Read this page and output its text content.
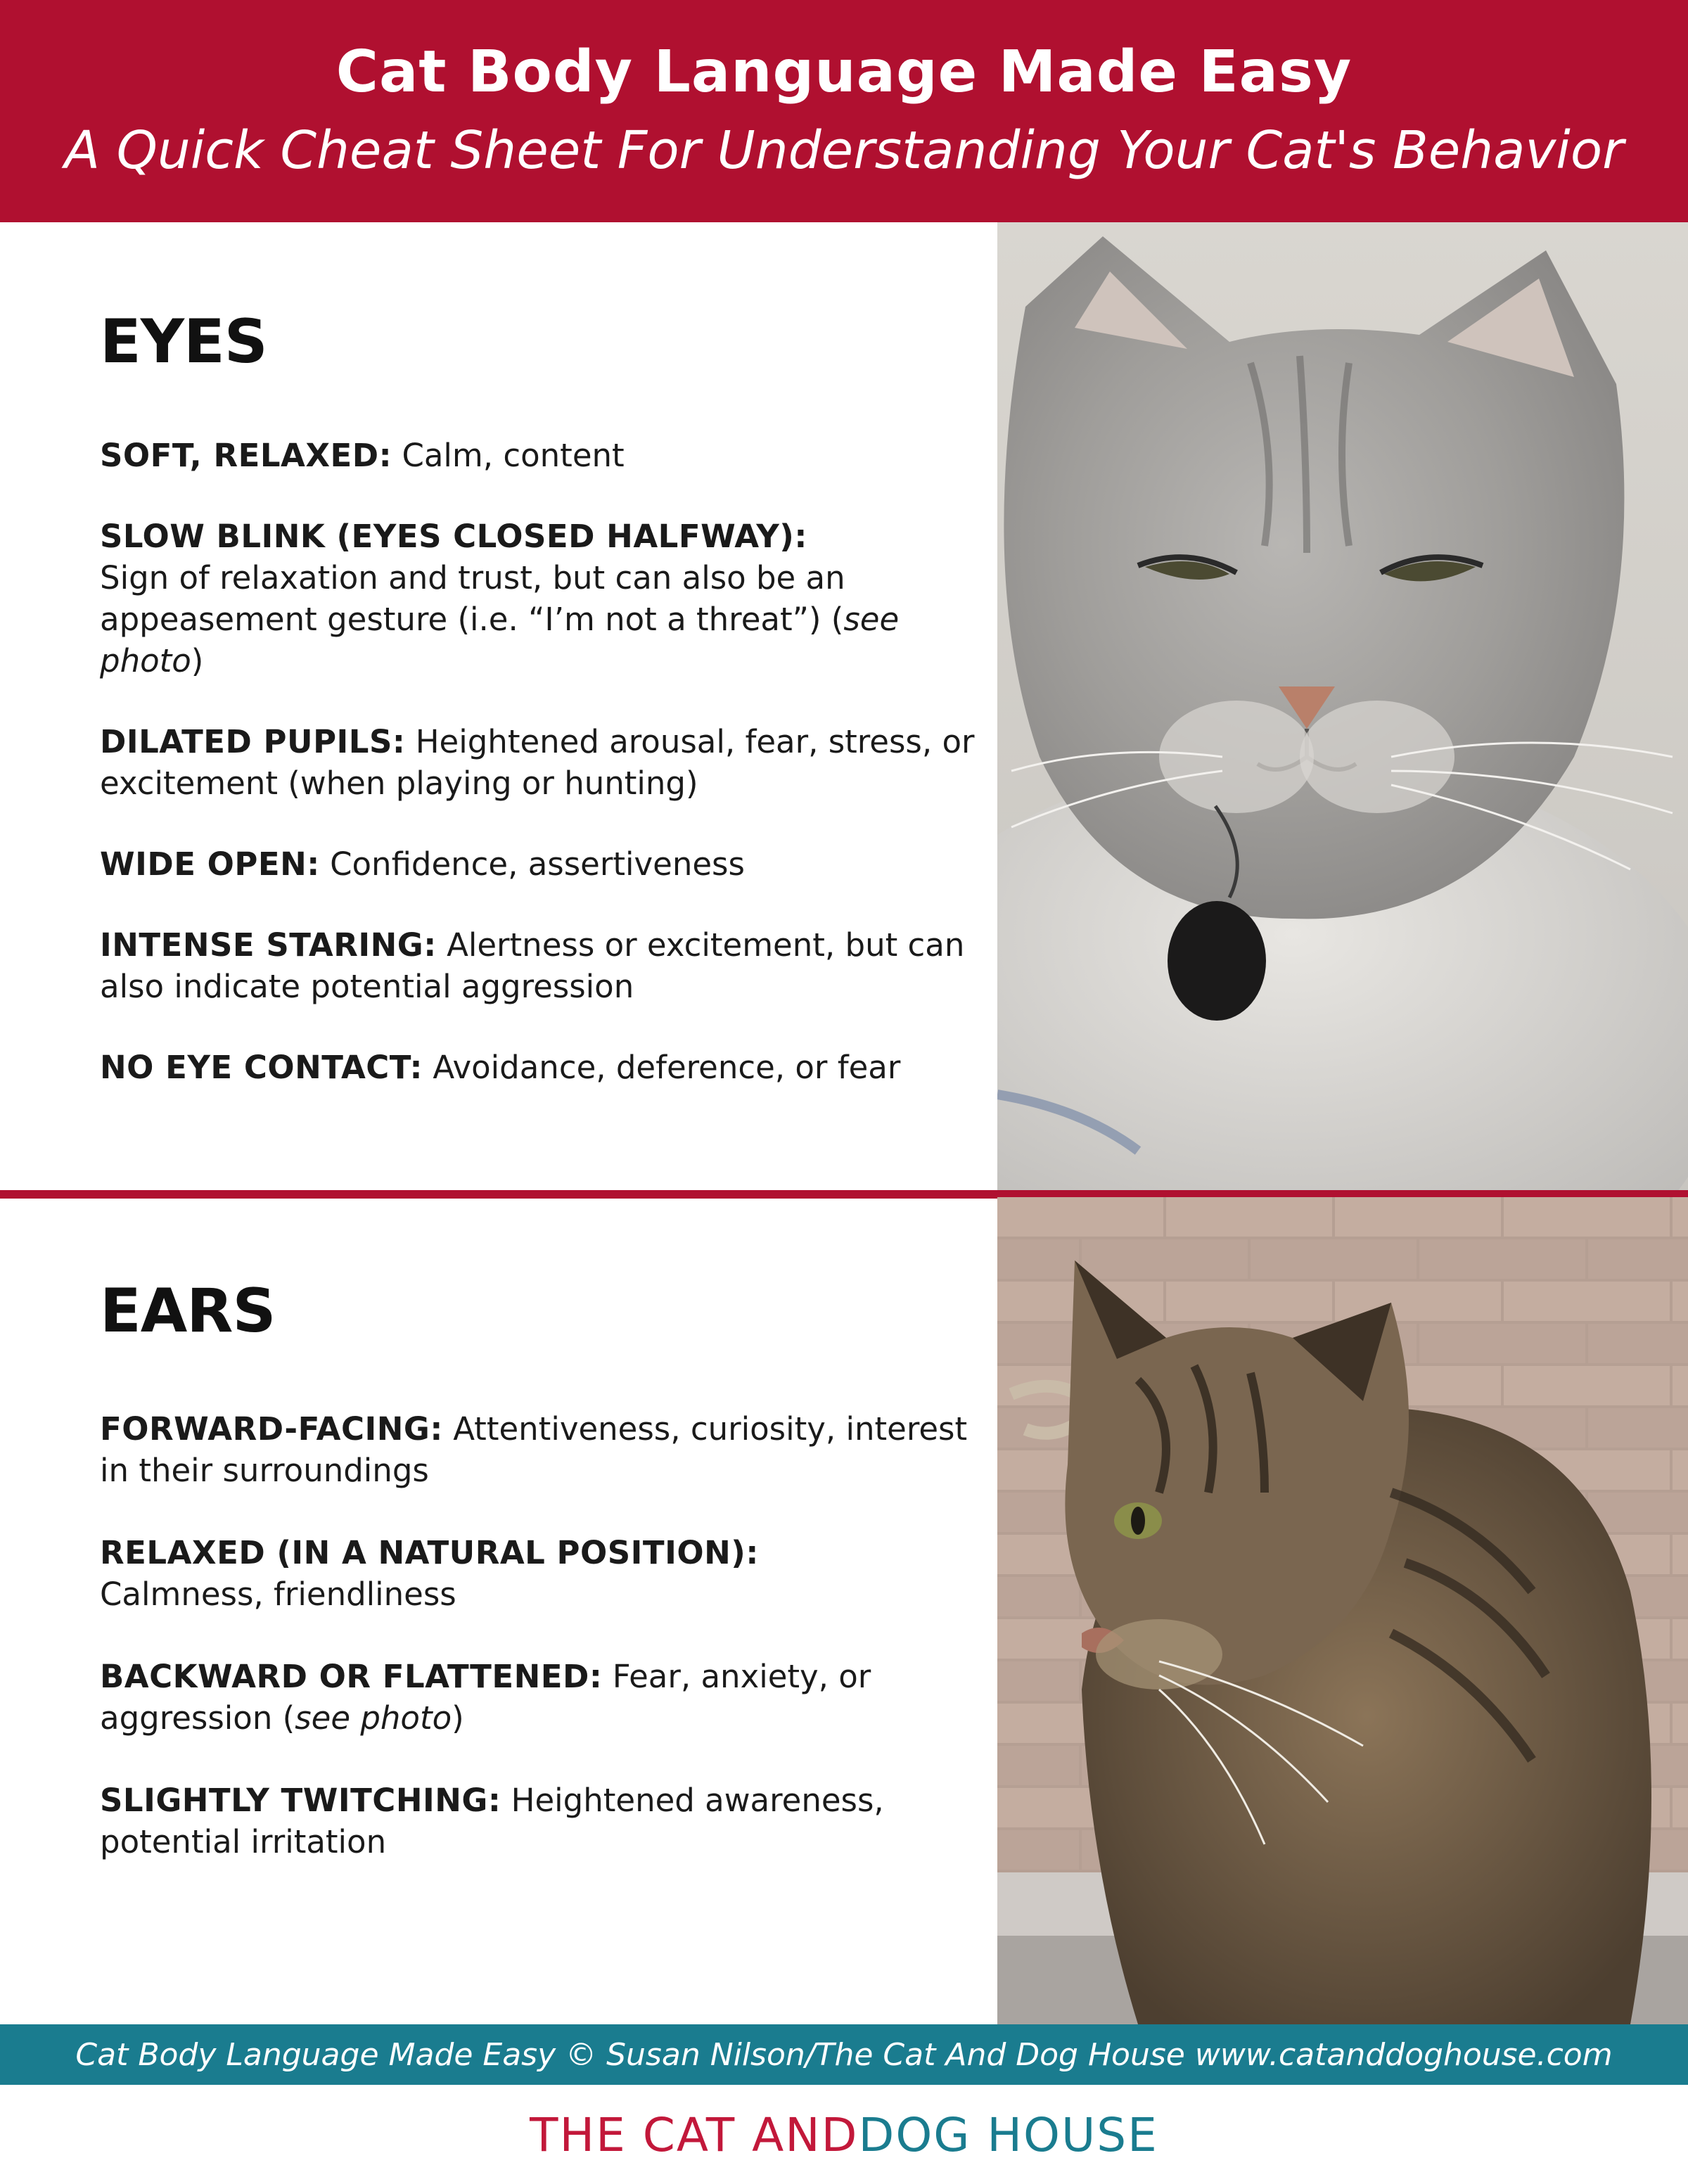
Cat Body Language Made Easy
A Quick Cheat Sheet For Understanding Your Cat's Behavior
EYES
SOFT, RELAXED: Calm, content
SLOW BLINK (EYES CLOSED HALFWAY):
Sign of relaxation and trust, but can also be an appeasement gesture (i.e. “I’m not a threat”) (see photo)
DILATED PUPILS: Heightened arousal, fear, stress, or excitement (when playing or hunting)
WIDE OPEN: Confidence, assertiveness
INTENSE STARING: Alertness or excitement, but can also indicate potential aggression
NO EYE CONTACT: Avoidance, deference, or fear
EARS
FORWARD-FACING: Attentiveness, curiosity, interest in their surroundings
RELAXED (IN A NATURAL POSITION):
Calmness, friendliness
BACKWARD OR FLATTENED: Fear, anxiety, or aggression (see photo)
SLIGHTLY TWITCHING: Heightened awareness, potential irritation
Cat Body Language Made Easy © Susan Nilson/The Cat And Dog House www.catanddoghouse.com
THE CAT AND DOG HOUSE
